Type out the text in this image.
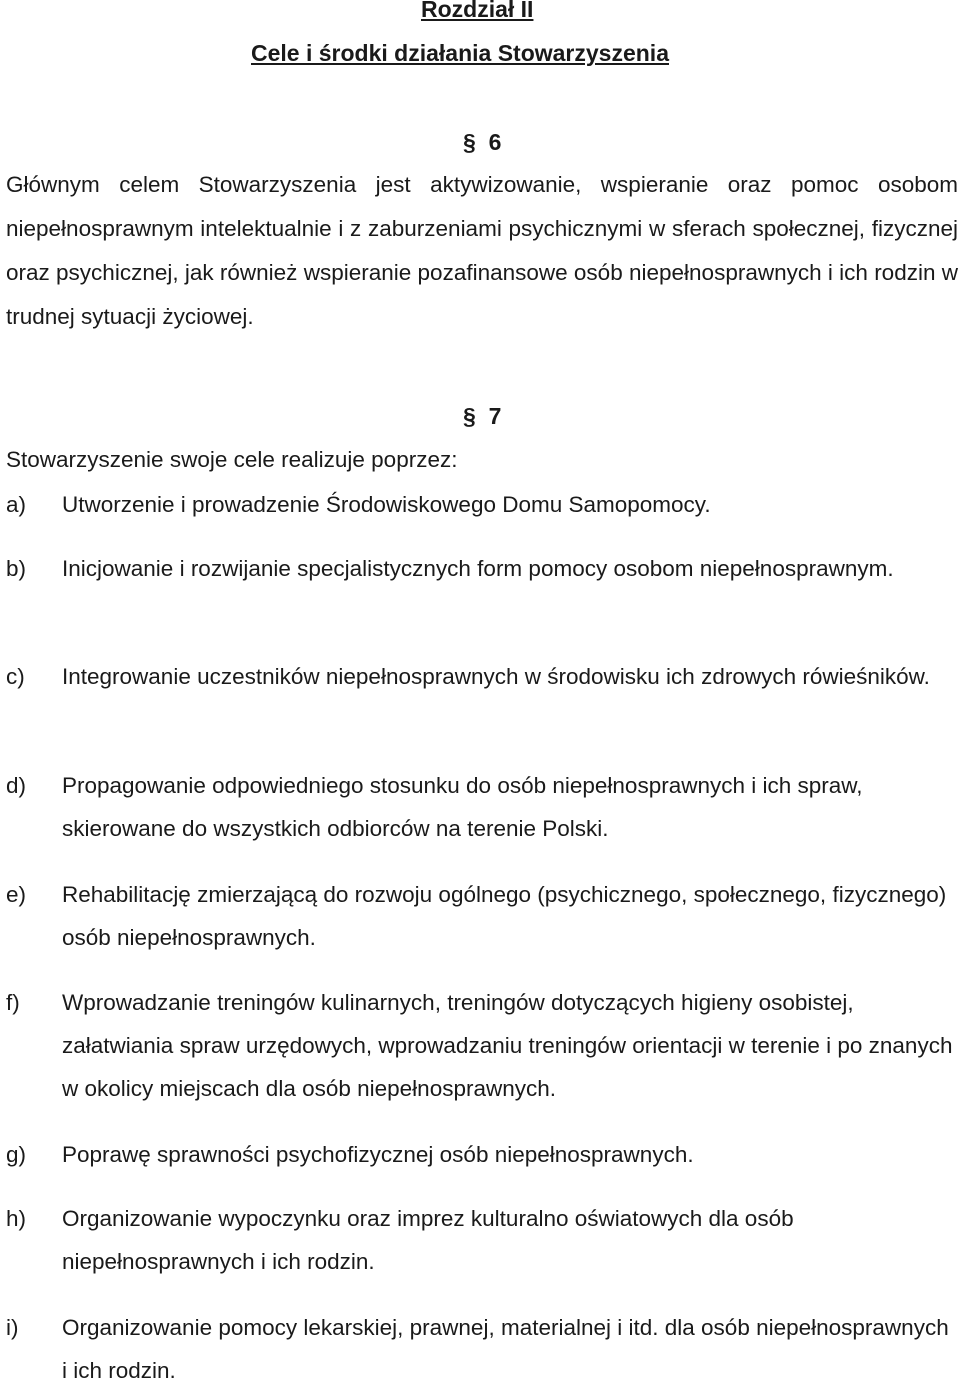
Rozdział II
Cele i środki działania Stowarzyszenia
§ 6
Głównym celem Stowarzyszenia jest aktywizowanie, wspieranie oraz pomoc osobom niepełnosprawnym intelektualnie i z zaburzeniami psychicznymi w sferach społecznej, fizycznej oraz psychicznej, jak również wspieranie pozafinansowe osób niepełnosprawnych i ich rodzin w trudnej sytuacji życiowej.
§ 7
Stowarzyszenie swoje cele realizuje poprzez:
a) Utworzenie i prowadzenie Środowiskowego Domu Samopomocy.
b) Inicjowanie i rozwijanie specjalistycznych form pomocy osobom niepełnosprawnym.
c) Integrowanie uczestników niepełnosprawnych w środowisku ich zdrowych rówieśników.
d) Propagowanie odpowiedniego stosunku do osób niepełnosprawnych i ich spraw, skierowane do wszystkich odbiorców na terenie Polski.
e) Rehabilitację zmierzającą do rozwoju ogólnego (psychicznego, społecznego, fizycznego) osób niepełnosprawnych.
f) Wprowadzanie treningów kulinarnych, treningów dotyczących higieny osobistej, załatwiania spraw urzędowych, wprowadzaniu treningów orientacji w terenie i po znanych w okolicy miejscach dla osób niepełnosprawnych.
g) Poprawę sprawności psychofizycznej osób niepełnosprawnych.
h) Organizowanie wypoczynku oraz imprez kulturalno oświatowych dla osób niepełnosprawnych i ich rodzin.
i) Organizowanie pomocy lekarskiej, prawnej, materialnej i itd. dla osób niepełnosprawnych i ich rodzin.
